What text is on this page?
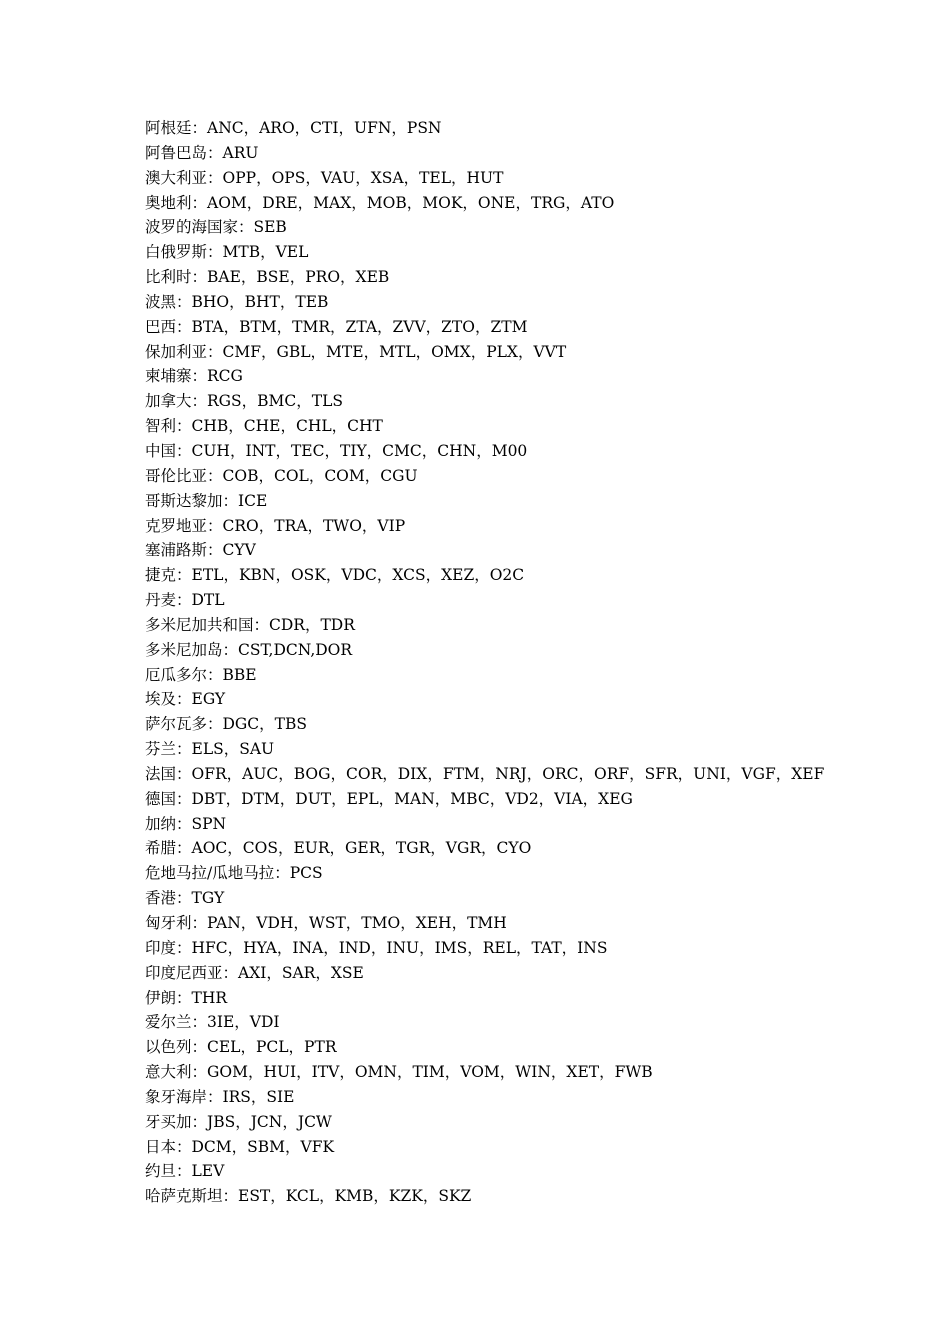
阿根廷：ANC，ARO，CTI，UFN，PSN
阿鲁巴岛：ARU
澳大利亚：OPP，OPS，VAU，XSA，TEL，HUT
奥地利：AOM，DRE，MAX，MOB，MOK，ONE，TRG，ATO
波罗的海国家：SEB
白俄罗斯：MTB，VEL
比利时：BAE，BSE，PRO，XEB
波黑：BHO，BHT，TEB
巴西：BTA，BTM，TMR，ZTA，ZVV，ZTO，ZTM
保加利亚：CMF，GBL，MTE，MTL，OMX，PLX，VVT
柬埔寨：RCG
加拿大：RGS，BMC，TLS
智利：CHB，CHE，CHL，CHT
中国：CUH，INT，TEC，TIY，CMC，CHN，M00
哥伦比亚：COB，COL，COM，CGU
哥斯达黎加：ICE
克罗地亚：CRO，TRA，TWO，VIP
塞浦路斯：CYV
捷克：ETL，KBN，OSK，VDC，XCS，XEZ，O2C
丹麦：DTL
多米尼加共和国：CDR，TDR
多米尼加岛：CST,DCN,DOR
厄瓜多尔：BBE
埃及：EGY
萨尔瓦多：DGC，TBS
芬兰：ELS，SAU
法国：OFR，AUC，BOG，COR，DIX，FTM，NRJ，ORC，ORF，SFR，UNI，VGF，XEF
德国：DBT，DTM，DUT，EPL，MAN，MBC，VD2，VIA，XEG
加纳：SPN
希腊：AOC，COS，EUR，GER，TGR，VGR，CYO
危地马拉/瓜地马拉：PCS
香港：TGY
匈牙利：PAN，VDH，WST，TMO，XEH，TMH
印度：HFC，HYA，INA，IND，INU，IMS，REL，TAT，INS
印度尼西亚：AXI，SAR，XSE
伊朗：THR
爱尔兰：3IE，VDI
以色列：CEL，PCL，PTR
意大利：GOM，HUI，ITV，OMN，TIM，VOM，WIN，XET，FWB
象牙海岸：IRS，SIE
牙买加：JBS，JCN，JCW
日本：DCM，SBM，VFK
约旦：LEV
哈萨克斯坦：EST，KCL，KMB，KZK，SKZ
